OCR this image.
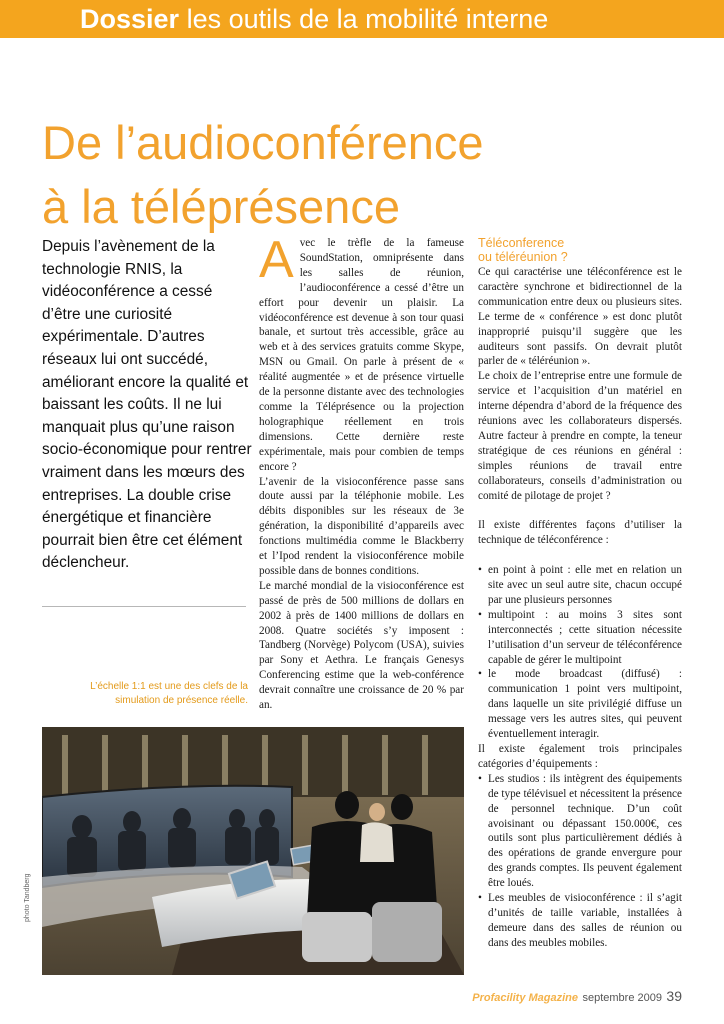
Dossier les outils de la mobilité interne
De l’audioconférence
à la téléprésence
Depuis l’avènement de la technologie RNIS, la vidéoconférence a cessé d’être une curiosité expérimentale. D’autres réseaux lui ont succédé, améliorant encore la qualité et baissant les coûts. Il ne lui manquait plus qu’une raison socio-économique pour rentrer vraiment dans les mœurs des entreprises. La double crise énergétique et financière pourrait bien être cet élément déclencheur.
L’échelle 1:1 est une des clefs de la simulation de présence réelle.
A vec le trèfle de la fameuse SoundStation, omniprésente dans les salles de réunion, l’audioconférence a cessé d’être un effort pour devenir un plaisir. La vidéoconférence est devenue à son tour quasi banale, et surtout très accessible, grâce au web et à des services gratuits comme Skype, MSN ou Gmail. On parle à présent de « réalité augmentée » et de présence virtuelle de la personne distante avec des technologies comme la Téléprésence ou la projection holographique réellement en trois dimensions. Cette dernière reste expérimentale, mais pour combien de temps encore ?

L’avenir de la visioconférence passe sans doute aussi par la téléphonie mobile. Les débits disponibles sur les réseaux de 3e génération, la disponibilité d’appareils avec fonctions multimédia comme le Blackberry et l’Ipod rendent la visioconférence mobile possible dans de bonnes conditions.

Le marché mondial de la visioconférence est passé de près de 500 millions de dollars en 2002 à près de 1400 millions de dollars en 2008. Quatre sociétés s’y imposent : Tandberg (Norvège) Polycom (USA), suivies par Sony et Aethra. Le français Genesys Conferencing estime que la web-conférence devrait connaître une croissance de 20 % par an.

Téléconference
ou téléréunion ?

Ce qui caractérise une téléconférence est le caractère synchrone et bidirectionnel de la communication entre deux ou plusieurs sites. Le terme de « conférence » est donc plutôt inapproprié puisqu’il suggère que les auditeurs sont passifs. On devrait plutôt parler de « téléréunion ».

Le choix de l’entreprise entre une formule de service et l’acquisition d’un matériel en interne dépendra d’abord de la fréquence des réunions avec les collaborateurs dispersés. Autre facteur à prendre en compte, la teneur stratégique de ces réunions en général : simples réunions de travail entre collaborateurs, conseils d’administration ou comité de pilotage de projet ?

Il existe différentes façons d’utiliser la technique de téléconférence :

• en point à point : elle met en relation un site avec un seul autre site, chacun occupé par une plusieurs personnes
• multipoint : au moins 3 sites sont interconnectés ; cette situation nécessite l’utilisation d’un serveur de téléconférence capable de gérer le multipoint
• le mode broadcast (diffusé) : communication 1 point vers multipoint, dans laquelle un site privilégié diffuse un message vers les autres sites, qui peuvent éventuellement interagir.

Il existe également trois principales catégories d’équipements :

• Les studios : ils intègrent des équipements de type télévisuel et nécessitent la présence de personnel technique. D’un coût avoisinant ou dépassant 150.000€, ces outils sont plus particulièrement dédiés à des opérations de grande envergure pour des grands comptes. Ils peuvent également être loués.
• Les meubles de visioconférence : il s’agit d’unités de taille variable, installées à demeure dans des salles de réunion ou dans des meubles mobiles.
photo Tandberg
Profacility Magazine septembre 2009 39
